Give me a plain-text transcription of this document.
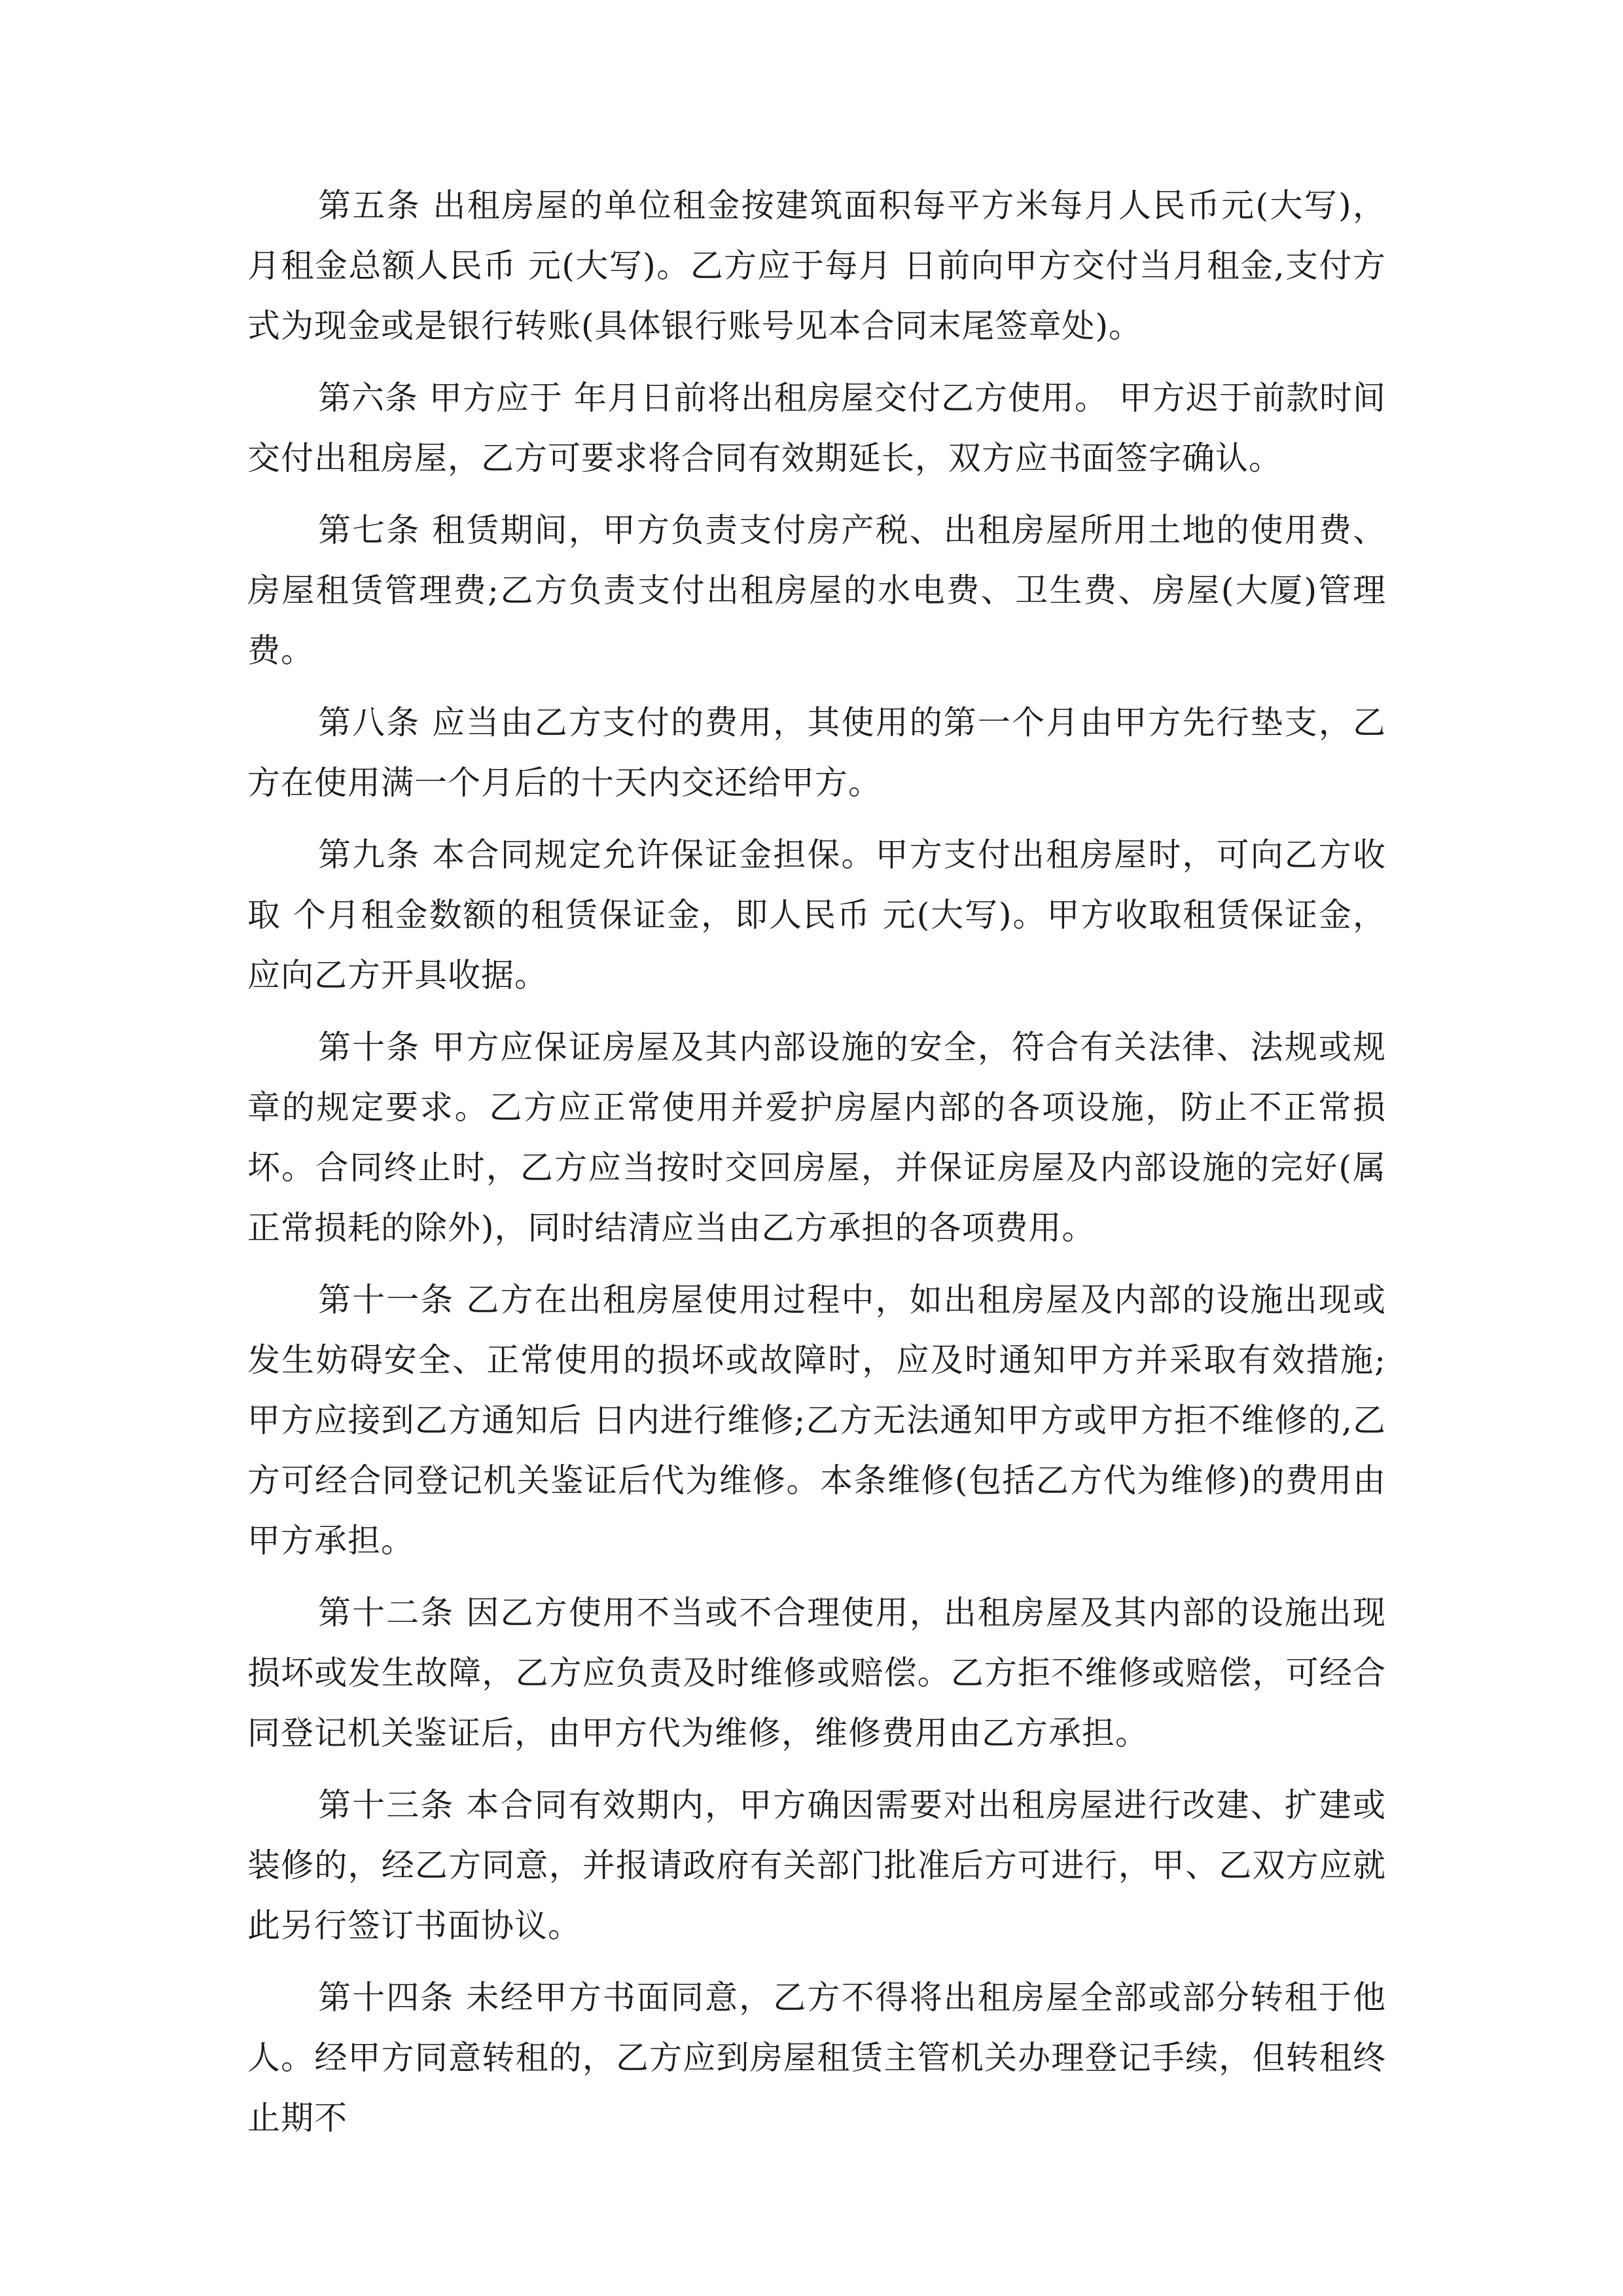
第五条 出租房屋的单位租金按建筑面积每平方米每月人民币元(大写)，月租金总额人民币 元(大写)。乙方应于每月 日前向甲方交付当月租金,支付方式为现金或是银行转账(具体银行账号见本合同末尾签章处)。

第六条 甲方应于 年月日前将出租房屋交付乙方使用。 甲方迟于前款时间交付出租房屋，乙方可要求将合同有效期延长，双方应书面签字确认。

第七条 租赁期间，甲方负责支付房产税、出租房屋所用土地的使用费、房屋租赁管理费;乙方负责支付出租房屋的水电费、卫生费、房屋(大厦)管理费。

第八条 应当由乙方支付的费用，其使用的第一个月由甲方先行垫支，乙方在使用满一个月后的十天内交还给甲方。

第九条 本合同规定允许保证金担保。甲方支付出租房屋时，可向乙方收取 个月租金数额的租赁保证金，即人民币 元(大写)。甲方收取租赁保证金，应向乙方开具收据。

第十条 甲方应保证房屋及其内部设施的安全，符合有关法律、法规或规章的规定要求。乙方应正常使用并爱护房屋内部的各项设施，防止不正常损坏。合同终止时，乙方应当按时交回房屋，并保证房屋及内部设施的完好(属正常损耗的除外)，同时结清应当由乙方承担的各项费用。

第十一条 乙方在出租房屋使用过程中，如出租房屋及内部的设施出现或发生妨碍安全、正常使用的损坏或故障时，应及时通知甲方并采取有效措施;甲方应接到乙方通知后 日内进行维修;乙方无法通知甲方或甲方拒不维修的,乙方可经合同登记机关鉴证后代为维修。本条维修(包括乙方代为维修)的费用由甲方承担。

第十二条 因乙方使用不当或不合理使用，出租房屋及其内部的设施出现损坏或发生故障，乙方应负责及时维修或赔偿。乙方拒不维修或赔偿，可经合同登记机关鉴证后，由甲方代为维修，维修费用由乙方承担。

第十三条 本合同有效期内，甲方确因需要对出租房屋进行改建、扩建或装修的，经乙方同意，并报请政府有关部门批准后方可进行，甲、乙双方应就此另行签订书面协议。

第十四条 未经甲方书面同意，乙方不得将出租房屋全部或部分转租于他人。经甲方同意转租的，乙方应到房屋租赁主管机关办理登记手续，但转租终止期不
